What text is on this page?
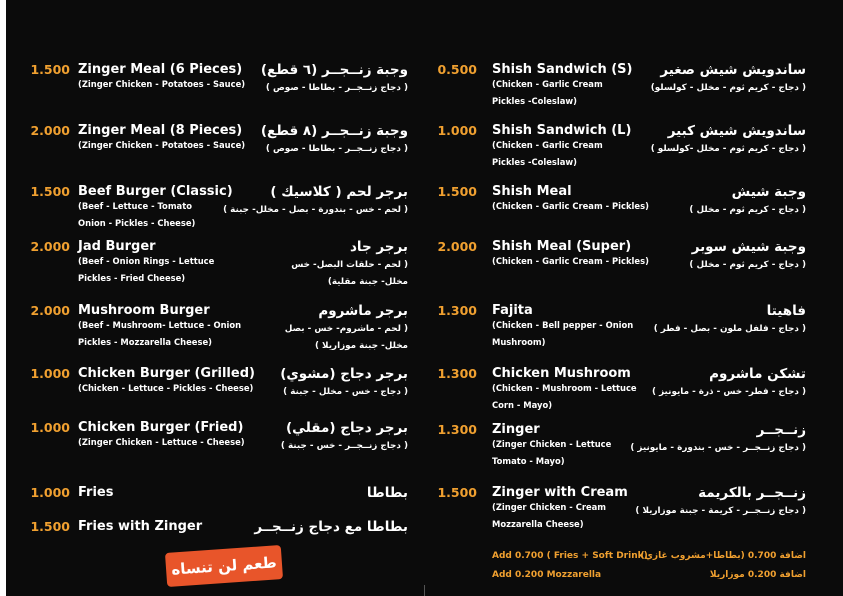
1.500 Zinger Meal (6 Pieces) وجبة زنــجــر (٦ قطع)
(Zinger Chicken - Potatoes - Sauce) ( دجاج زنــجــر - بطاطا - صوص )
2.000 Zinger Meal (8 Pieces) وجبة زنــجــر (٨ قطع)
(Zinger Chicken - Potatoes - Sauce) ( دجاج زنــجــر - بطاطا - صوص )
1.500 Beef Burger (Classic)	برجر لحم ( كلاسيك )
(Beef - Lettuce - Tomato
Onion - Pickles - Cheese)
( لحم - خس - بندورة - بصل - مخلل- جبنة )
2.000 Jad Burger	برجر جاد
(Beef - Onion Rings - Lettuce
Pickles - Fried Cheese)
( لحم - حلقات البصل- خس
مخلل- جبنة مقلية)
2.000 Mushroom Burger	برجر ماشروم
(Beef - Mushroom- Lettuce - Onion
Pickles - Mozzarella Cheese)
( لحم - ماشروم- خس - بصل
مخلل- جبنة موزاريلا )
1.000 Chicken Burger (Grilled) برجر دجاج (مشوي)
(Chicken - Lettuce - Pickles - Cheese)	( دجاج - خس - مخلل - جبنة )
1.000 Chicken Burger (Fried)	برجر دجاج (مقلي)
(Zinger Chicken - Lettuce - Cheese)	( دجاج زنــجــر - خس - جبنة )
1.000 Fries	بطاطا
1.500 Fries with Zinger	بطاطا مع دجاج زنــجــر
0.500 Shish Sandwich (S) ساندويش شيش صغير
(Chicken - Garlic Cream
Pickles -Coleslaw)
( دجاج - كريم ثوم - مخلل - كولسلو)
1.000 Shish Sandwich (L)	ساندويش شيش كبير
(Chicken - Garlic Cream
Pickles -Coleslaw)
( دجاج - كريم ثوم - مخلل -كولسلو )
1.500 Shish Meal	وجبة شيش
(Chicken - Garlic Cream - Pickles)	( دجاج - كريم ثوم - مخلل )
2.000 Shish Meal (Super)	وجبة شيش سوبر
(Chicken - Garlic Cream - Pickles)	( دجاج - كريم ثوم - مخلل )
1.300 Fajita	فاهيتا
(Chicken - Bell pepper - Onion
Mushroom)
( دجاج - فلفل ملون - بصل - فطر )
1.300 Chicken Mushroom	تشكن ماشروم
(Chicken - Mushroom - Lettuce
Corn - Mayo)
( دجاج - فطر- خس - ذرة - مايونيز )
1.300 Zinger	زنــجــر
(Zinger Chicken - Lettuce
Tomato - Mayo)
( دجاج زنــجــر - خس - بندورة - مايونيز )
1.500 Zinger with Cream	زنــجــر بالكريمة
(Zinger Chicken - Cream
Mozzarella Cheese)
( دجاج زنــجــر - كريمة - جبنة موزاريلا )
Add 0.700 ( Fries + Soft Drink)
اضافة 0.700 (بطاطا+مشروب غازي)
Add 0.200 Mozzarella	اضافة 0.200 موزاريلا
طعم لن تنساه
